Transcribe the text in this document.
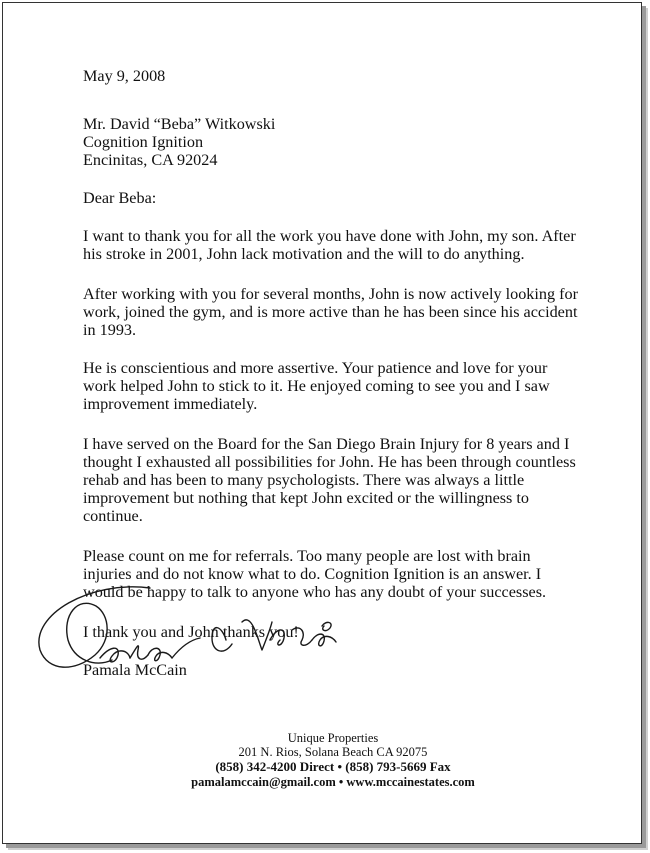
May 9, 2008
Mr. David “Beba” Witkowski
Cognition Ignition
Encinitas, CA 92024
Dear Beba:
I want to thank you for all the work you have done with John, my son. After
his stroke in 2001, John lack motivation and the will to do anything.
After working with you for several months, John is now actively looking for
work, joined the gym, and is more active than he has been since his accident
in 1993.
He is conscientious and more assertive. Your patience and love for your
work helped John to stick to it. He enjoyed coming to see you and I saw
improvement immediately.
I have served on the Board for the San Diego Brain Injury for 8 years and I
thought I exhausted all possibilities for John. He has been through countless
rehab and has been to many psychologists. There was always a little
improvement but nothing that kept John excited or the willingness to
continue.
Please count on me for referrals. Too many people are lost with brain
injuries and do not know what to do. Cognition Ignition is an answer. I
would be happy to talk to anyone who has any doubt of your successes.
I thank you and John thanks you!
Pamala McCain
Unique Properties
201 N. Rios, Solana Beach CA 92075
(858) 342-4200 Direct • (858) 793-5669 Fax
pamalamccain@gmail.com • www.mccainestates.com
